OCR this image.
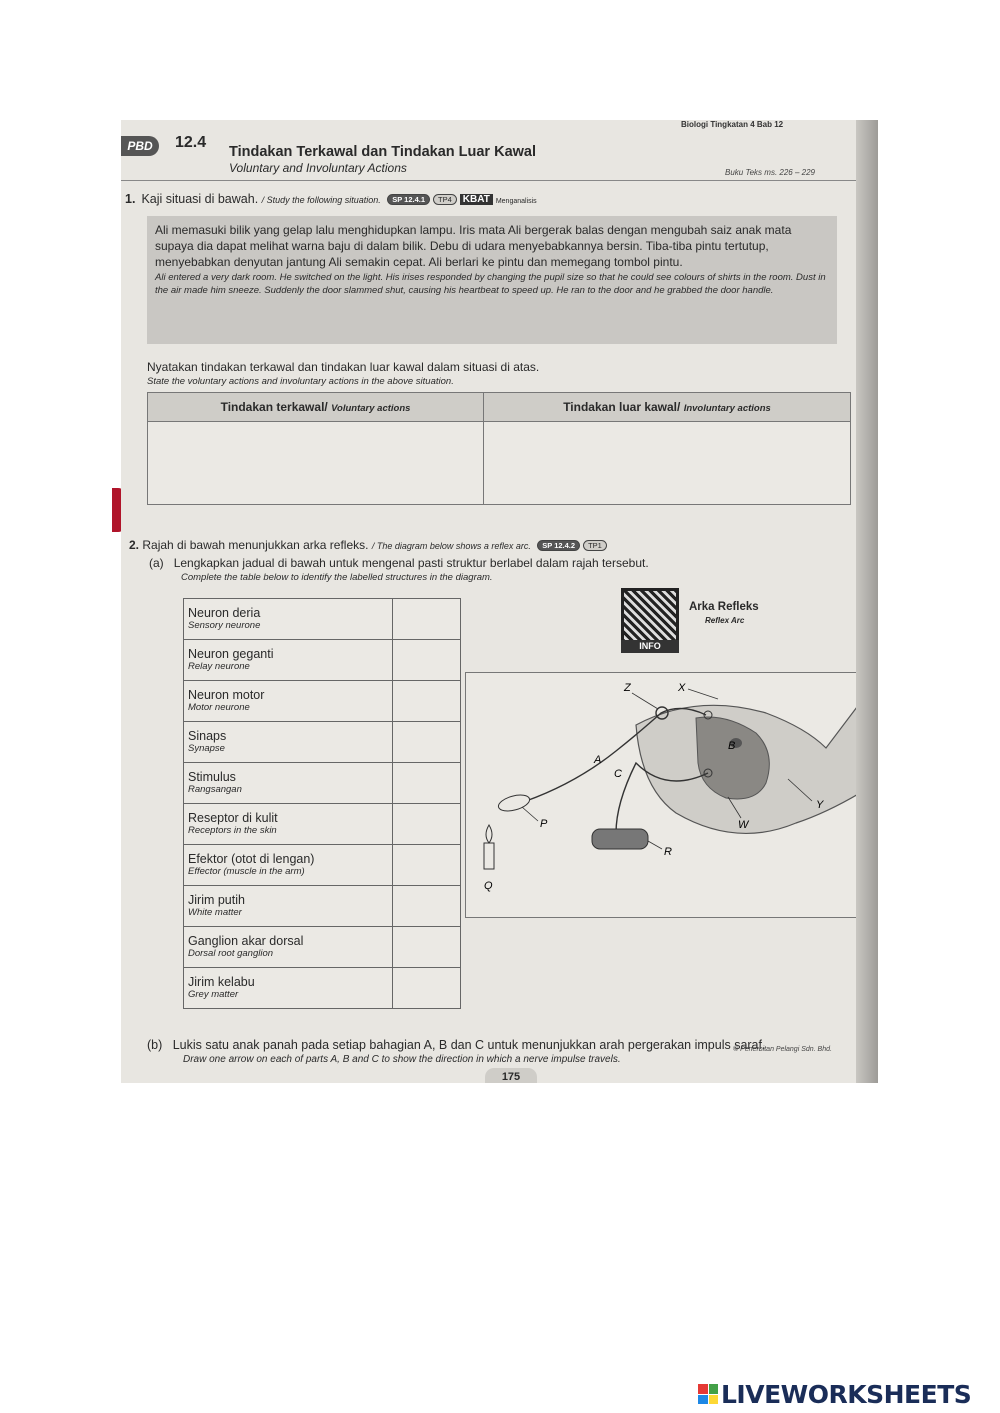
Biologi Tingkatan 4 Bab 12
PBD	12.4
Tindakan Terkawal dan Tindakan Luar Kawal
Voluntary and Involuntary Actions	Buku Teks ms. 226 – 229
1. Kaji situasi di bawah. / Study the following situation. SP 12.4.1 TP4 KBAT Menganalisis
Ali memasuki bilik yang gelap lalu menghidupkan lampu. Iris mata Ali bergerak balas dengan mengubah saiz anak mata supaya dia dapat melihat warna baju di dalam bilik. Debu di udara menyebabkannya bersin. Tiba-tiba pintu tertutup, menyebabkan denyutan jantung Ali semakin cepat. Ali berlari ke pintu dan memegang tombol pintu.
Ali entered a very dark room. He switched on the light. His irises responded by changing the pupil size so that he could see colours of shirts in the room. Dust in the air made him sneeze. Suddenly the door slammed shut, causing his heartbeat to speed up. He ran to the door and he grabbed the door handle.
Nyatakan tindakan terkawal dan tindakan luar kawal dalam situasi di atas.
State the voluntary actions and involuntary actions in the above situation.
Tindakan terkawal/ Voluntary actions	Tindakan luar kawal/ Involuntary actions

2. Rajah di bawah menunjukkan arka refleks. / The diagram below shows a reflex arc. SP 12.4.2 TP1
(a) Lengkapkan jadual di bawah untuk mengenal pasti struktur berlabel dalam rajah tersebut.
Complete the table below to identify the labelled structures in the diagram.
Neuron deria
Sensory neurone	

Neuron geganti
Relay neurone	

Neuron motor
Motor neurone	

Sinaps
Synapse	

Stimulus
Rangsangan	

Reseptor di kulit
Receptors in the skin	

Efektor (otot di lengan)
Effector (muscle in the arm)	

Jirim putih
White matter	

Ganglion akar dorsal
Dorsal root ganglion	

Jirim kelabu
Grey matter	

INFO
Arka Refleks
Reflex Arc
Z	X
A
B
C
Y
W
P
R
Q
(b) Lukis satu anak panah pada setiap bahagian A, B dan C untuk menunjukkan arah pergerakan impuls saraf.
Draw one arrow on each of parts A, B and C to show the direction in which a nerve impulse travels.
© Penerbitan Pelangi Sdn. Bhd.
175
LIVEWORKSHEETS
